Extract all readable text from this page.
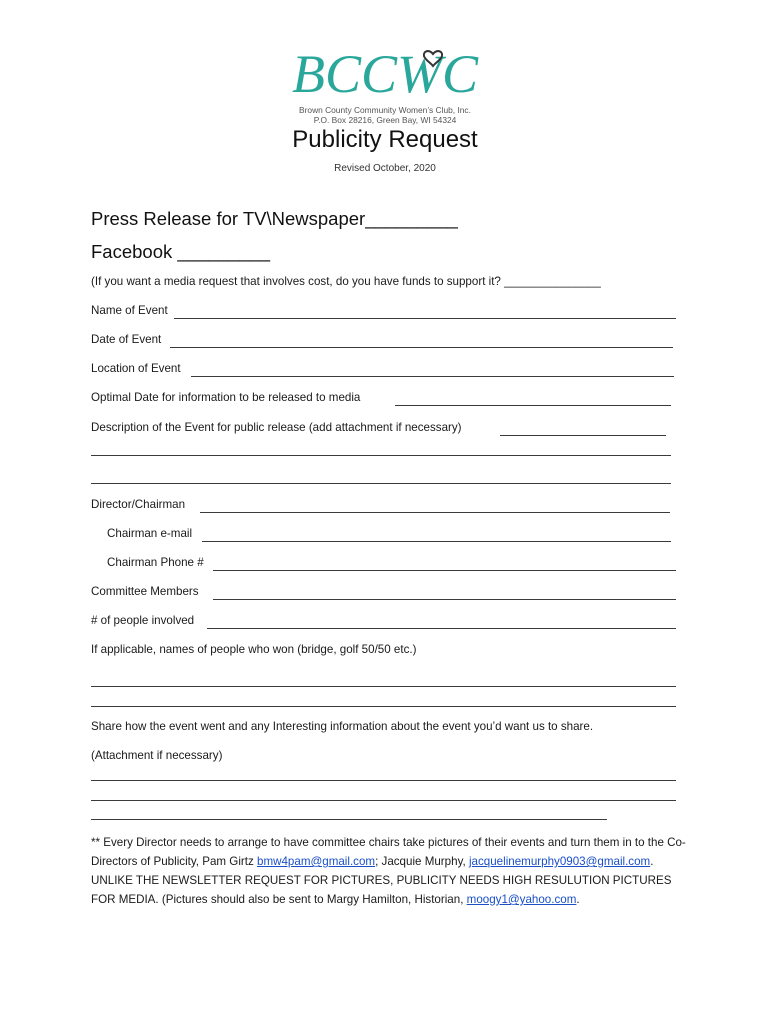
BCCWC
Brown County Community Women’s Club, Inc.
P.O. Box 28216, Green Bay, WI 54324
Publicity Request
Revised October, 2020
Press Release for TV\Newspaper_________
Facebook _________
(If you want a media request that involves cost, do you have funds to support it? _______________
Name of Event
Date of Event
Location of Event
Optimal Date for information to be released to media
Description of the Event for public release (add attachment if necessary)
Director/Chairman
Chairman e-mail
Chairman Phone #
Committee Members
# of people involved
If applicable, names of people who won (bridge, golf 50/50 etc.)
Share how the event went and any Interesting information about the event you’d want us to share.
(Attachment if necessary)
** Every Director needs to arrange to have committee chairs take pictures of their events and turn them in to the Co-Directors of Publicity, Pam Girtz bmw4pam@gmail.com; Jacquie Murphy, jacquelinemurphy0903@gmail.com. UNLIKE THE NEWSLETTER REQUEST FOR PICTURES, PUBLICITY NEEDS HIGH RESULUTION PICTURES FOR MEDIA. (Pictures should also be sent to Margy Hamilton, Historian, moogy1@yahoo.com.
